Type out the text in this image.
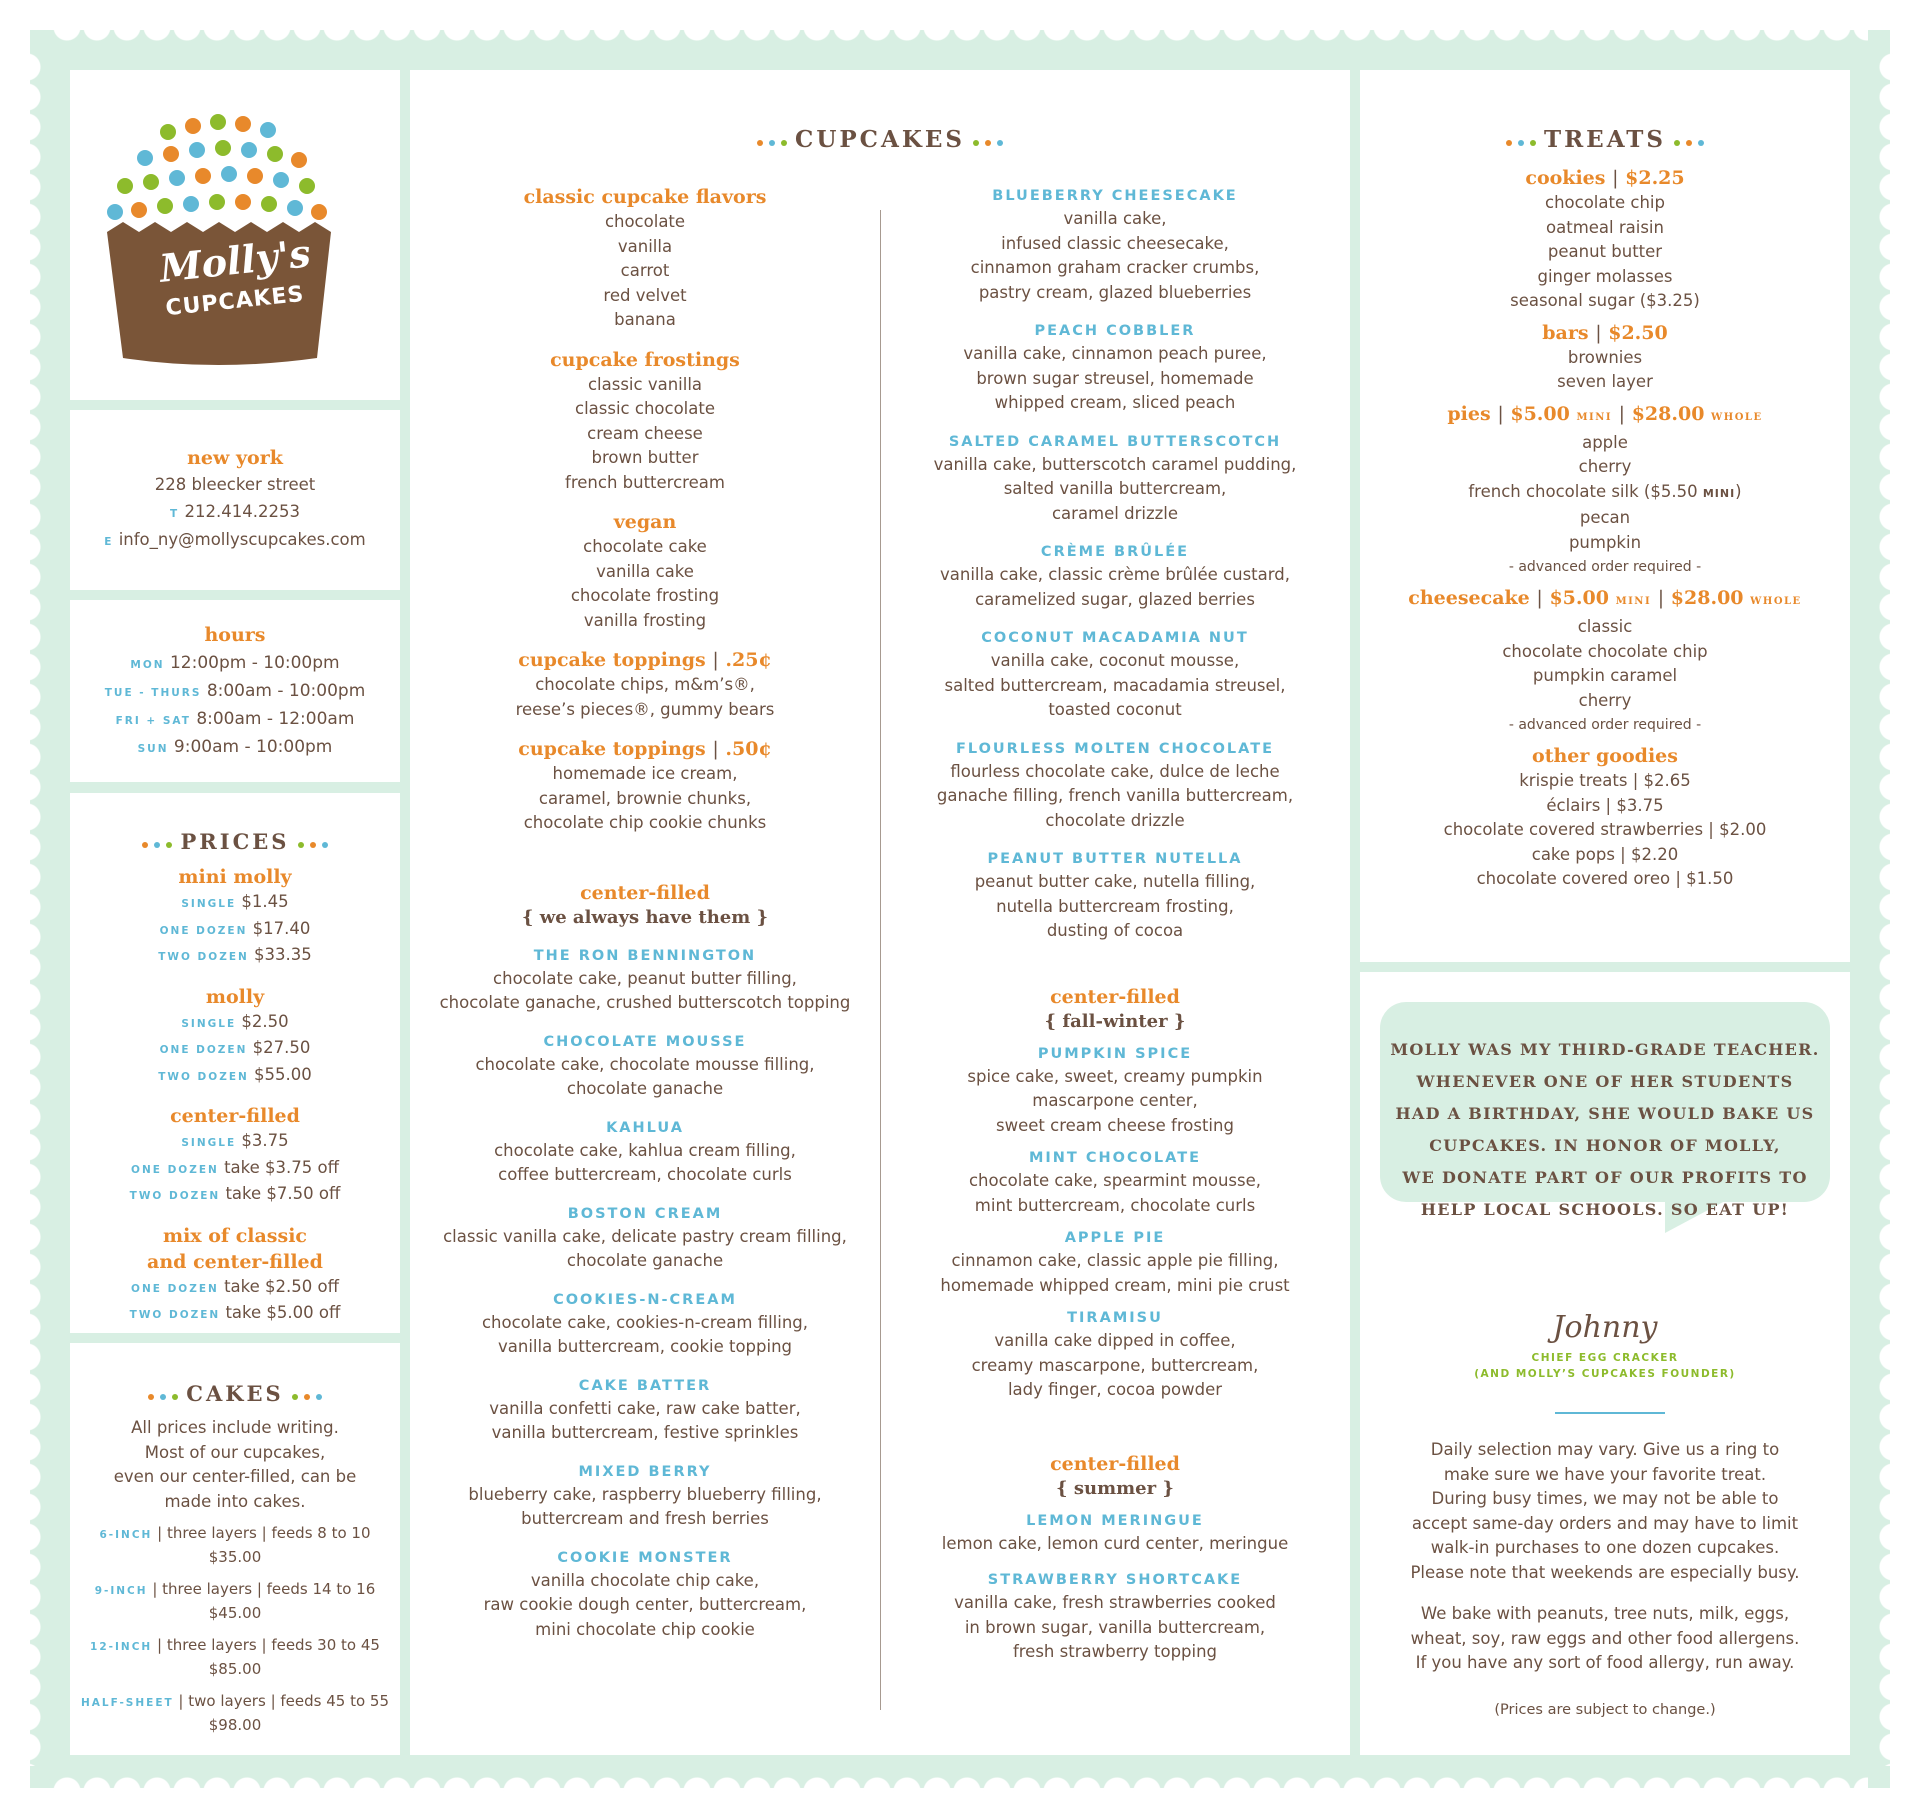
Molly's
CUPCAKES
new york
228 bleecker street
T 212.414.2253
E info_ny@mollyscupcakes.com
hours
MON 12:00pm - 10:00pm
TUE - THURS 8:00am - 10:00pm
FRI + SAT 8:00am - 12:00am
SUN 9:00am - 10:00pm
PRICES
mini molly
SINGLE $1.45
ONE DOZEN $17.40
TWO DOZEN $33.35
molly
SINGLE $2.50
ONE DOZEN $27.50
TWO DOZEN $55.00
center-filled
SINGLE $3.75
ONE DOZEN take $3.75 off
TWO DOZEN take $7.50 off
mix of classic
and center-filled
ONE DOZEN take $2.50 off
TWO DOZEN take $5.00 off
CAKES
All prices include writing.
Most of our cupcakes,
even our center-filled, can be
made into cakes.
6-INCH | three layers | feeds 8 to 10
$35.00
9-INCH | three layers | feeds 14 to 16
$45.00
12-INCH | three layers | feeds 30 to 45
$85.00
HALF-SHEET | two layers | feeds 45 to 55
$98.00
CUPCAKES
classic cupcake flavors
chocolate
vanilla
carrot
red velvet
banana
cupcake frostings
classic vanilla
classic chocolate
cream cheese
brown butter
french buttercream
vegan
chocolate cake
vanilla cake
chocolate frosting
vanilla frosting
cupcake toppings | .25¢
chocolate chips, m&m’s®,
reese’s pieces®, gummy bears
cupcake toppings | .50¢
homemade ice cream,
caramel, brownie chunks,
chocolate chip cookie chunks
center-filled
{ we always have them }
THE RON BENNINGTON
chocolate cake, peanut butter filling,
chocolate ganache, crushed butterscotch topping
CHOCOLATE MOUSSE
chocolate cake, chocolate mousse filling,
chocolate ganache
KAHLUA
chocolate cake, kahlua cream filling,
coffee buttercream, chocolate curls
BOSTON CREAM
classic vanilla cake, delicate pastry cream filling,
chocolate ganache
COOKIES-N-CREAM
chocolate cake, cookies-n-cream filling,
vanilla buttercream, cookie topping
CAKE BATTER
vanilla confetti cake, raw cake batter,
vanilla buttercream, festive sprinkles
MIXED BERRY
blueberry cake, raspberry blueberry filling,
buttercream and fresh berries
COOKIE MONSTER
vanilla chocolate chip cake,
raw cookie dough center, buttercream,
mini chocolate chip cookie
BLUEBERRY CHEESECAKE
vanilla cake,
infused classic cheesecake,
cinnamon graham cracker crumbs,
pastry cream, glazed blueberries
PEACH COBBLER
vanilla cake, cinnamon peach puree,
brown sugar streusel, homemade
whipped cream, sliced peach
SALTED CARAMEL BUTTERSCOTCH
vanilla cake, butterscotch caramel pudding,
salted vanilla buttercream,
caramel drizzle
CRÈME BRÛLÉE
vanilla cake, classic crème brûlée custard,
caramelized sugar, glazed berries
COCONUT MACADAMIA NUT
vanilla cake, coconut mousse,
salted buttercream, macadamia streusel,
toasted coconut
FLOURLESS MOLTEN CHOCOLATE
flourless chocolate cake, dulce de leche
ganache filling, french vanilla buttercream,
chocolate drizzle
PEANUT BUTTER NUTELLA
peanut butter cake, nutella filling,
nutella buttercream frosting,
dusting of cocoa
center-filled
{ fall-winter }
PUMPKIN SPICE
spice cake, sweet, creamy pumpkin
mascarpone center,
sweet cream cheese frosting
MINT CHOCOLATE
chocolate cake, spearmint mousse,
mint buttercream, chocolate curls
APPLE PIE
cinnamon cake, classic apple pie filling,
homemade whipped cream, mini pie crust
TIRAMISU
vanilla cake dipped in coffee,
creamy mascarpone, buttercream,
lady finger, cocoa powder
center-filled
{ summer }
LEMON MERINGUE
lemon cake, lemon curd center, meringue
STRAWBERRY SHORTCAKE
vanilla cake, fresh strawberries cooked
in brown sugar, vanilla buttercream,
fresh strawberry topping
TREATS
cookies | $2.25
chocolate chip
oatmeal raisin
peanut butter
ginger molasses
seasonal sugar ($3.25)
bars | $2.50
brownies
seven layer
pies | $5.00 MINI | $28.00 WHOLE
apple
cherry
french chocolate silk ($5.50 MINI)
pecan
pumpkin
- advanced order required -
cheesecake | $5.00 MINI | $28.00 WHOLE
classic
chocolate chocolate chip
pumpkin caramel
cherry
- advanced order required -
other goodies
krispie treats | $2.65
éclairs | $3.75
chocolate covered strawberries | $2.00
cake pops | $2.20
chocolate covered oreo | $1.50
MOLLY WAS MY THIRD-GRADE TEACHER.
WHENEVER ONE OF HER STUDENTS
HAD A BIRTHDAY, SHE WOULD BAKE US
CUPCAKES. IN HONOR OF MOLLY,
WE DONATE PART OF OUR PROFITS TO
HELP LOCAL SCHOOLS. SO EAT UP!
Johnny
CHIEF EGG CRACKER
(AND MOLLY’S CUPCAKES FOUNDER)
Daily selection may vary. Give us a ring to
make sure we have your favorite treat.
During busy times, we may not be able to
accept same-day orders and may have to limit
walk-in purchases to one dozen cupcakes.
Please note that weekends are especially busy.
We bake with peanuts, tree nuts, milk, eggs,
wheat, soy, raw eggs and other food allergens.
If you have any sort of food allergy, run away.
(Prices are subject to change.)
